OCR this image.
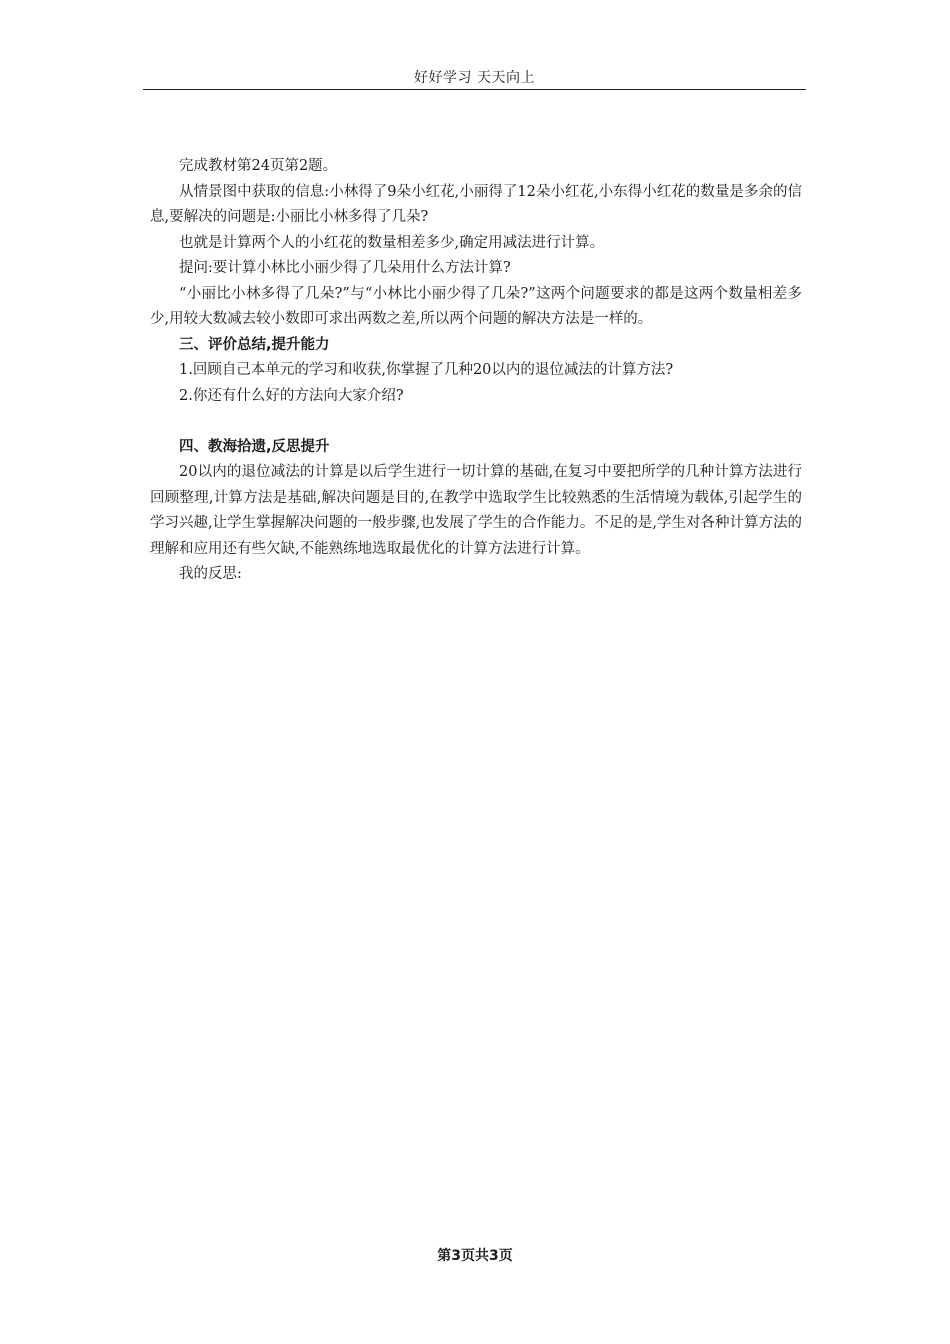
好好学习 天天向上

完成教材第24页第2题。

从情景图中获取的信息:小林得了9朵小红花,小丽得了12朵小红花,小东得小红花的数量是多余的信息,要解决的问题是:小丽比小林多得了几朵?

也就是计算两个人的小红花的数量相差多少,确定用减法进行计算。

提问:要计算小林比小丽少得了几朵用什么方法计算?

“小丽比小林多得了几朵?”与“小林比小丽少得了几朵?”这两个问题要求的都是这两个数量相差多少,用较大数减去较小数即可求出两数之差,所以两个问题的解决方法是一样的。

三、评价总结,提升能力

1.回顾自己本单元的学习和收获,你掌握了几种20以内的退位减法的计算方法?

2.你还有什么好的方法向大家介绍?

四、教海拾遗,反思提升

20以内的退位减法的计算是以后学生进行一切计算的基础,在复习中要把所学的几种计算方法进行回顾整理,计算方法是基础,解决问题是目的,在教学中选取学生比较熟悉的生活情境为载体,引起学生的学习兴趣,让学生掌握解决问题的一般步骤,也发展了学生的合作能力。不足的是,学生对各种计算方法的理解和应用还有些欠缺,不能熟练地选取最优化的计算方法进行计算。

我的反思:

第3页共3页
